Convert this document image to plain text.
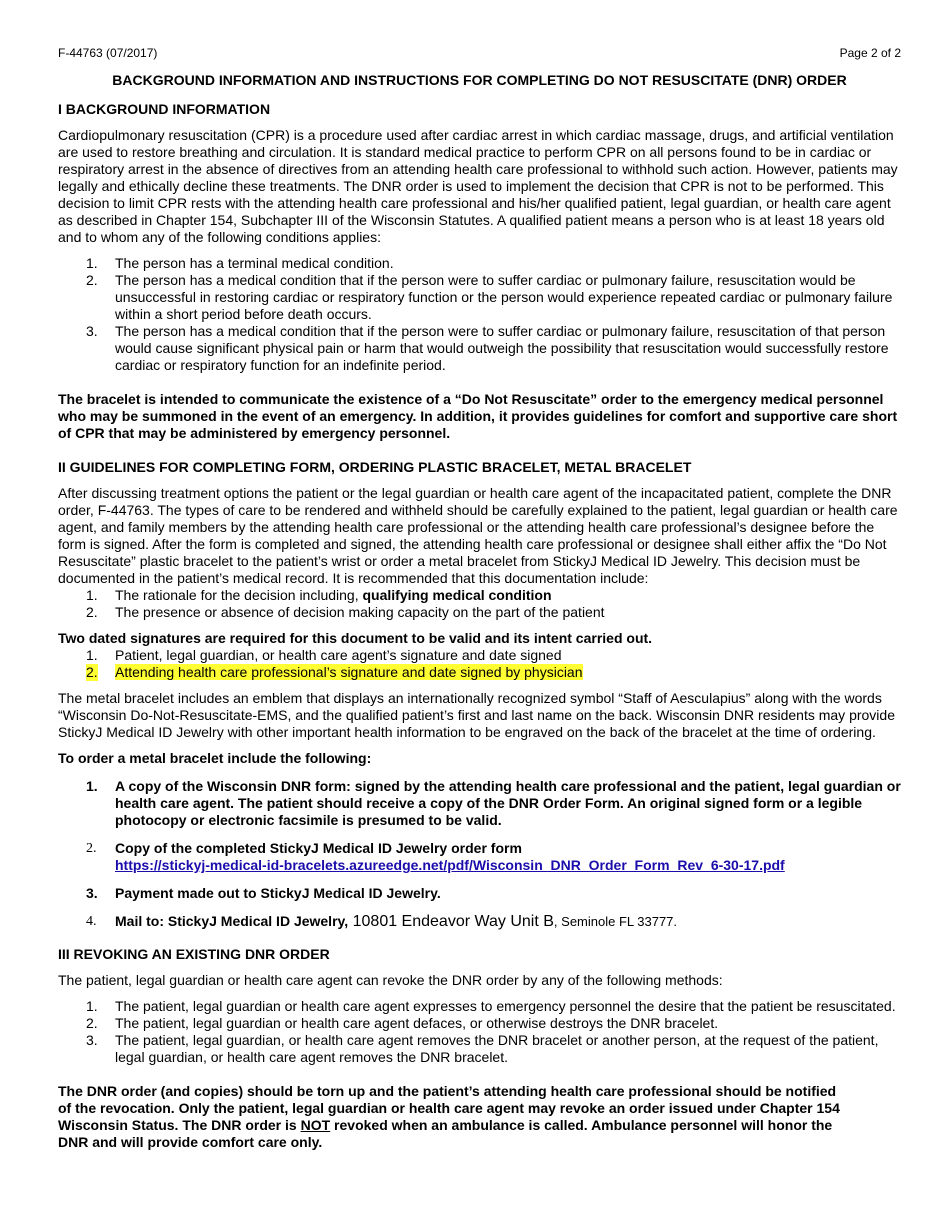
F-44763 (07/2017)	Page 2 of 2
BACKGROUND INFORMATION AND INSTRUCTIONS FOR COMPLETING DO NOT RESUSCITATE (DNR) ORDER
I BACKGROUND INFORMATION

Cardiopulmonary resuscitation (CPR) is a procedure used after cardiac arrest in which cardiac massage, drugs, and artificial ventilation are used to restore breathing and circulation. It is standard medical practice to perform CPR on all persons found to be in cardiac or respiratory arrest in the absence of directives from an attending health care professional to withhold such action. However, patients may legally and ethically decline these treatments. The DNR order is used to implement the decision that CPR is not to be performed. This decision to limit CPR rests with the attending health care professional and his/her qualified patient, legal guardian, or health care agent as described in Chapter 154, Subchapter III of the Wisconsin Statutes. A qualified patient means a person who is at least 18 years old and to whom any of the following conditions applies:

1. The person has a terminal medical condition.
2. The person has a medical condition that if the person were to suffer cardiac or pulmonary failure, resuscitation would be unsuccessful in restoring cardiac or respiratory function or the person would experience repeated cardiac or pulmonary failure within a short period before death occurs.
3. The person has a medical condition that if the person were to suffer cardiac or pulmonary failure, resuscitation of that person would cause significant physical pain or harm that would outweigh the possibility that resuscitation would successfully restore cardiac or respiratory function for an indefinite period.

The bracelet is intended to communicate the existence of a “Do Not Resuscitate” order to the emergency medical personnel who may be summoned in the event of an emergency. In addition, it provides guidelines for comfort and supportive care short of CPR that may be administered by emergency personnel.

II GUIDELINES FOR COMPLETING FORM, ORDERING PLASTIC BRACELET, METAL BRACELET

After discussing treatment options the patient or the legal guardian or health care agent of the incapacitated patient, complete the DNR order, F-44763. The types of care to be rendered and withheld should be carefully explained to the patient, legal guardian or health care agent, and family members by the attending health care professional or the attending health care professional’s designee before the form is signed. After the form is completed and signed, the attending health care professional or designee shall either affix the “Do Not Resuscitate” plastic bracelet to the patient’s wrist or order a metal bracelet from StickyJ Medical ID Jewelry. This decision must be documented in the patient’s medical record. It is recommended that this documentation include:

1. The rationale for the decision including, qualifying medical condition
2. The presence or absence of decision making capacity on the part of the patient

Two dated signatures are required for this document to be valid and its intent carried out.

1. Patient, legal guardian, or health care agent’s signature and date signed
2. Attending health care professional’s signature and date signed by physician

The metal bracelet includes an emblem that displays an internationally recognized symbol “Staff of Aesculapius” along with the words “Wisconsin Do-Not-Resuscitate-EMS, and the qualified patient’s first and last name on the back. Wisconsin DNR residents may provide StickyJ Medical ID Jewelry with other important health information to be engraved on the back of the bracelet at the time of ordering.

To order a metal bracelet include the following:

1. A copy of the Wisconsin DNR form: signed by the attending health care professional and the patient, legal guardian or health care agent. The patient should receive a copy of the DNR Order Form. An original signed form or a legible photocopy or electronic facsimile is presumed to be valid.
2. Copy of the completed StickyJ Medical ID Jewelry order form
https://stickyj-medical-id-bracelets.azureedge.net/pdf/Wisconsin_DNR_Order_Form_Rev_6-30-17.pdf
3. Payment made out to StickyJ Medical ID Jewelry.
4. Mail to: StickyJ Medical ID Jewelry, 10801 Endeavor Way Unit B, Seminole FL 33777.
III REVOKING AN EXISTING DNR ORDER

The patient, legal guardian or health care agent can revoke the DNR order by any of the following methods:

1. The patient, legal guardian or health care agent expresses to emergency personnel the desire that the patient be resuscitated.
2. The patient, legal guardian or health care agent defaces, or otherwise destroys the DNR bracelet.
3. The patient, legal guardian, or health care agent removes the DNR bracelet or another person, at the request of the patient, legal guardian, or health care agent removes the DNR bracelet.

The DNR order (and copies) should be torn up and the patient’s attending health care professional should be notified of the revocation. Only the patient, legal guardian or health care agent may revoke an order issued under Chapter 154 Wisconsin Status. The DNR order is NOT revoked when an ambulance is called. Ambulance personnel will honor the DNR and will provide comfort care only.
